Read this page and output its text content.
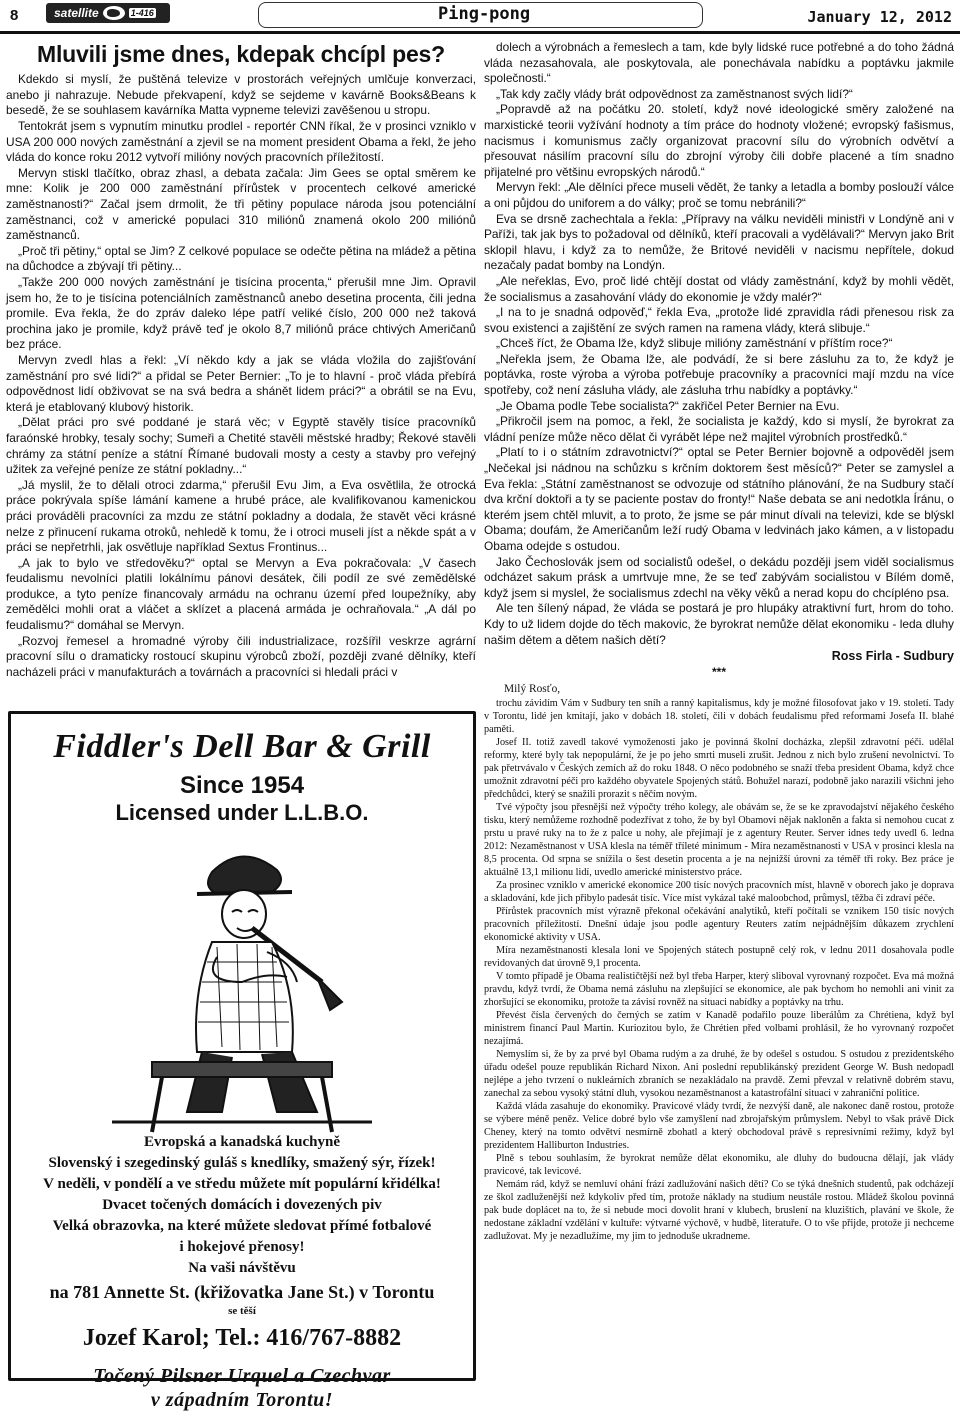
8	satellite	1-416	Ping-pong	January 12, 2012
Mluvili jsme dnes, kdepak chcípl pes?
Kdekdo si myslí, že puštěná televize v prostorách veřejných umlčuje konverzaci, anebo ji nahrazuje. Nebude překvapení, když se sejdeme v kavárně Books&Beans k besedě, že se souhlasem kavárníka Matta vypneme televizi zavěšenou u stropu.
Tentokrát jsem s vypnutím minutku prodlel - reportér CNN říkal, že v prosinci vzniklo v USA 200 000 nových zaměstnání a zjevil se na moment president Obama a řekl, že jeho vláda do konce roku 2012 vytvoří milióny nových pracovních příležitostí.
Mervyn stiskl tlačítko, obraz zhasl, a debata začala: Jim Gees se optal směrem ke mne: Kolik je 200 000 zaměstnání přírůstek v procentech celkové americké zaměstnanosti?“ Začal jsem drmolit, že tři pětiny populace národa jsou potenciální zaměstnanci, což v americké populaci 310 miliónů znamená okolo 200 miliónů zaměstnanců.
„Proč tři pětiny,“ optal se Jim? Z celkové populace se odečte pětina na mládež a pětina na důchodce a zbývají tři pětiny...
„Takže 200 000 nových zaměstnání je tisícina procenta,“ přerušil mne Jim. Opravil jsem ho, že to je tisícina potenciálních zaměstnanců anebo desetina procenta, čili jedna promile. Eva řekla, že do zpráv daleko lépe patří veliké číslo, 200 000 než taková prochina jako je promile, když právě teď je okolo 8,7 miliónů práce chtivých Američanů bez práce.
Mervyn zvedl hlas a řekl: „Ví někdo kdy a jak se vláda vložila do zajišťování zaměstnání pro své lidi?“ a přidal se Peter Bernier: „To je to hlavní - proč vláda přebírá odpovědnost lidí obživovat se na svá bedra a shánět lidem práci?“ a obrátil se na Evu, která je etablovaný klubový historik.
„Dělat práci pro své poddané je stará věc; v Egyptě stavěly tisíce pracovníků faraónské hrobky, tesaly sochy; Sumeři a Chetité stavěli městské hradby; Řekové stavěli chrámy za státní peníze a státní Římané budovali mosty a cesty a stavby pro veřejný užitek za veřejné peníze ze státní pokladny...“
„Já myslil, že to dělali otroci zdarma,“ přerušil Evu Jim, a Eva osvětlila, že otrocká práce pokrývala spíše lámání kamene a hrubé práce, ale kvalifikovanou kamenickou práci prováděli pracovníci za mzdu ze státní pokladny a dodala, že stavět věci krásné nelze z přinucení rukama otroků, nehledě k tomu, že i otroci museli jíst a někde spát a v práci se nepřetrhli, jak osvětluje například Sextus Frontinus...
„A jak to bylo ve středověku?“ optal se Mervyn a Eva pokračovala: „V časech feudalismu nevolníci platili lokálnímu pánovi desátek, čili podíl ze své zemědělské produkce, a tyto peníze financovaly armádu na ochranu území před loupežníky, aby zemědělci mohli orat a vláčet a sklízet a placená armáda je ochraňovala.“ „A dál po feudalismu?“ domáhal se Mervyn.
„Rozvoj řemesel a hromadné výroby čili industrializace, rozšířil veskrze agrární pracovní sílu o dramaticky rostoucí skupinu výrobců zboží, později zvané dělníky, kteří nacházeli práci v manufakturách a továrnách a pracovníci si hledali práci v
Fiddler's Dell Bar & Grill
Since 1954
Licensed under L.L.B.O.
Evropská a kanadská kuchyně
Slovenský i szegedinský guláš s knedlíky, smažený sýr, řízek!
V neděli, v pondělí a ve středu můžete mít populární křidélka!
Dvacet točených domácích i dovezených piv
Velká obrazovka, na které můžete sledovat přímé fotbalové
i hokejové přenosy!
Na vaši návštěvu
na 781 Annette St. (křižovatka Jane St.) v Torontu
se těší
Jozef Karol; Tel.: 416/767-8882
Točený Pilsner Urquel a Czechvar
v západním Torontu!
dolech a výrobnách a řemeslech a tam, kde byly lidské ruce potřebné a do toho žádná vláda nezasahovala, ale poskytovala, ale ponechávala nabídku a poptávku jakmile společnosti.“
„Tak kdy začly vlády brát odpovědnost za zaměstnanost svých lidí?“
„Popravdě až na počátku 20. století, když nové ideologické směry založené na marxistické teorii vyžívání hodnoty a tím práce do hodnoty vložené; evropský fašismus, nacismus i komunismus začly organizovat pracovní sílu do výrobních odvětví a přesouvat násilím pracovní sílu do zbrojní výroby čili dobře placené a tím snadno přijatelné pro většinu evropských národů.“
Mervyn řekl: „Ale dělníci přece museli vědět, že tanky a letadla a bomby poslouží válce a oni půjdou do uniforem a do války; proč se tomu nebránili?“
Eva se drsně zachechtala a řekla: „Přípravy na válku neviděli ministři v Londýně ani v Paříži, tak jak bys to požadoval od dělníků, kteří pracovali a vydělávali?“ Mervyn jako Brit sklopil hlavu, i když za to nemůže, že Britové neviděli v nacismu nepřítele, dokud nezačaly padat bomby na Londýn.
„Ale neřeklas, Evo, proč lidé chtějí dostat od vlády zaměstnání, když by mohli vědět, že socialismus a zasahování vlády do ekonomie je vždy malér?“
„I na to je snadná odpověď,“ řekla Eva, „protože lidé zpravidla rádi přenesou risk za svou existenci a zajištění ze svých ramen na ramena vlády, která slibuje.“
„Chceš říct, že Obama lže, když slibuje milióny zaměstnání v příštím roce?“
„Neřekla jsem, že Obama lže, ale podvádí, že si bere zásluhu za to, že když je poptávka, roste výroba a výroba potřebuje pracovníky a pracovníci mají mzdu na více spotřeby, což není zásluha vlády, ale zásluha trhu nabídky a poptávky.“
„Je Obama podle Tebe socialista?“ zakřičel Peter Bernier na Evu.
„Přikročil jsem na pomoc, a řekl, že socialista je každý, kdo si myslí, že byrokrat za vládní peníze může něco dělat či vyrábět lépe než majitel výrobních prostředků.“
„Platí to i o státním zdravotnictví?“ optal se Peter Bernier bojovně a odpověděl jsem „Nečekal jsi nádnou na schůzku s krčním doktorem šest měsíců?“ Peter se zamyslel a Eva řekla: „Státní zaměstnanost se odvozuje od státního plánování, že na Sudbury stačí dva krční doktoři a ty se paciente postav do fronty!“ Naše debata se ani nedotkla Íránu, o kterém jsem chtěl mluvit, a to proto, že jsme se pár minut dívali na televizi, kde se blýskl Obama; doufám, že Američanům leží rudý Obama v ledvinách jako kámen, a v listopadu Obama odejde s ostudou.
Jako Čechoslovák jsem od socialistů odešel, o dekádu později jsem viděl socialismus odcházet sakum prásk a umrtvuje mne, že se teď zabývám socialistou v Bílém domě, když jsem si myslel, že socialismus zdechl na věky věků a nerad kopu do chcípléno psa.
Ale ten šílený nápad, že vláda se postará je pro hlupáky atraktivní furt, hrom do toho. Kdy to už lidem dojde do těch makovic, že byrokrat nemůže dělat ekonomiku - leda dluhy našim dětem a dětem našich dětí?
Ross Firla - Sudbury
***
Milý Rosťo,
trochu závidím Vám v Sudbury ten sníh a ranný kapitalismus, kdy je možné filosofovat jako v 19. století. Tady v Torontu, lidé jen kmitají, jako v dobách 18. století, čili v dobách feudalismu před reformami Josefa II. blahé paměti.
Josef II. totiž zavedl takové vymoženosti jako je povinná školní docházka, zlepšil zdravotní péči. udělal reformy, které byly tak nepopulární, že je po jeho smrti museli zrušit. Jednou z nich bylo zrušení nevolnictví. To pak přetrvávalo v Českých zemích až do roku 1848. O něco podobného se snaží třeba president Obama, když chce umožnit zdravotní péči pro každého obyvatele Spojených států. Bohužel narazí, podobně jako narazili všichni jeho předchůdci, který se snažili prorazit s něčím novým.
Tvé výpočty jsou přesnější než výpočty trého kolegy, ale obávám se, že se ke zpravodajství nějakého českého tisku, který nemůžeme rozhodně podezřívat z toho, že by byl Obamovi nějak nakloněn a fakta si nemohou cucat z prstu u pravé ruky na to že z palce u nohy, ale přejímají je z agentury Reuter. Server idnes tedy uvedl 6. ledna 2012: Nezaměstnanost v USA klesla na téměř tříleté minimum - Míra nezaměstnanosti v USA v prosinci klesla na 8,5 procenta. Od srpna se snížila o šest desetin procenta a je na nejnižší úrovni za téměř tři roky. Bez práce je aktuálně 13,1 milionu lidí, uvedlo americké ministerstvo práce.
Za prosinec vzniklo v americké ekonomice 200 tisíc nových pracovních míst, hlavně v oborech jako je doprava a skladování, kde jich přibylo padesát tisíc. Více míst vykázal také maloobchod, průmysl, těžba či zdraví péče.
Přírůstek pracovních míst výrazně překonal očekávání analytiků, kteří počítali se vznikem 150 tisíc nových pracovních příležitostí. Dnešní údaje jsou podle agentury Reuters zatím nejpádnějším důkazem zrychlení ekonomické aktivity v USA.
Míra nezaměstnanosti klesala loni ve Spojených státech postupně celý rok, v lednu 2011 dosahovala podle revidovaných dat úrovně 9,1 procenta.
V tomto případě je Obama realističtější než byl třeba Harper, který sliboval vyrovnaný rozpočet. Eva má možná pravdu, když tvrdí, že Obama nemá zásluhu na zlepšující se ekonomice, ale pak bychom ho nemohli ani vinit za zhoršující se ekonomiku, protože ta závisí rovněž na situaci nabídky a poptávky na trhu.
Převést čísla červených do černých se zatím v Kanadě podařilo pouze liberálům za Chrétiena, když byl ministrem financí Paul Martin. Kuriozitou bylo, že Chrétien před volbami prohlásil, že ho vyrovnaný rozpočet nezajímá.
Nemyslím si, že by za prvé byl Obama rudým a za druhé, že by odešel s ostudou. S ostudou z prezidentského úřadu odešel pouze republikán Richard Nixon. Ani poslední republikánský prezident George W. Bush nedopadl nejlépe a jeho tvrzení o nukleárních zbraních se nezakládalo na pravdě. Zemi převzal v relativně dobrém stavu, zanechal za sebou vysoký státní dluh, vysokou nezaměstnanost a katastrofální situaci v zahraniční politice.
Každá vláda zasahuje do ekonomiky. Pravicové vlády tvrdí, že nezvýší daně, ale nakonec daně rostou, protože se výbere méně peněz. Velice dobré bylo vše zamyšlení nad zbrojařským průmyslem. Nebyl to však právě Dick Cheney, který na tomto odvětví nesmírně zbohatl a který obchodoval právě s represivními režimy, když byl prezidentem Halliburton Industries.
Plně s tebou souhlasím, že byrokrat nemůže dělat ekonomiku, ale dluhy do budoucna dělají, jak vlády pravicové, tak levicové.
Nemám rád, když se nemluví ohání frází zadlužování našich dětí? Co se týká dnešních studentů, pak odcházejí ze škol zadluženější než kdykoliv před tím, protože náklady na studium neustále rostou. Mládež školou povinná pak bude doplácet na to, že si nebude moci dovolit hraní v klubech, bruslení na kluzištích, plavání ve škole, že nedostane základní vzdělání v kultuře: výtvarné výchově, v hudbě, literatuře. O to vše přijde, protože ji nechceme zadlužovat. My je nezadlužíme, my jim to jednoduše ukradneme.
